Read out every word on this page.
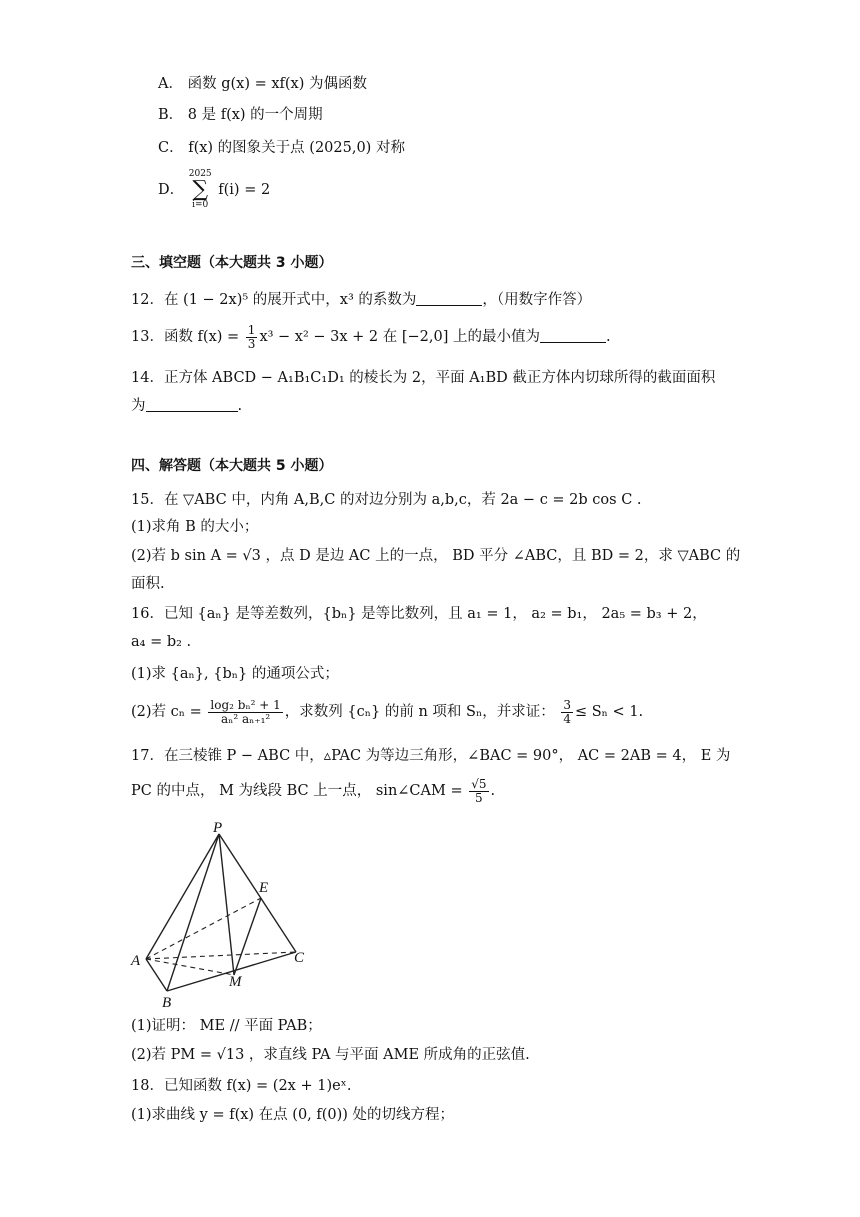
A． 函数 g(x) = xf(x) 为偶函数
B． 8 是 f(x) 的一个周期
C． f(x) 的图象关于点 (2025,0) 对称
D． 2025
∑
i=0 f(i) = 2
三、填空题（本大题共 3 小题）
12．在 (1 − 2x)⁵ 的展开式中，x³ 的系数为	，（用数字作答）
13．函数 $f(x) = \frac{1}{3} x^3 - x^2 - 3x + 2$ 在 [−2,0] 上的最小值为	.
14．正方体 ABCD − A₁B₁C₁D₁ 的棱长为 2，平面 A₁BD 截正方体内切球所得的截面面积
为	.
四、解答题（本大题共 5 小题）
15．在 ▽ABC 中，内角 A,B,C 的对边分别为 a,b,c，若 2a − c = 2b cos C .
(1)求角 B 的大小；
(2)若 b sin A = √3 ，点 D 是边 AC 上的一点， BD 平分 ∠ABC，且 BD = 2，求 ▽ABC 的
面积.
16．已知 {aₙ} 是等差数列，{bₙ} 是等比数列，且 a₁ = 1， a₂ = b₁， 2a₅ = b₃ + 2，
a₄ = b₂ .
(1)求 {aₙ}, {bₙ} 的通项公式；
(2)若 $c_n = \frac{\text{log₂ bₙ² + 1}}{\text{aₙ² aₙ₊₁²}}$ ，求数列 {cₙ} 的前 n 项和 Sₙ，并求证： $\frac{3}{4} \le S_n < 1$.
17．在三棱锥 P − ABC 中，▵PAC 为等边三角形，∠BAC = 90°， AC = 2AB = 4， E 为
PC 的中点， M 为线段 BC 上一点， sin∠CAM = $\frac{√5}{5}$ .
P
E
A	C
M
B
(1)证明： ME // 平面 PAB；
(2)若 PM = √13 ，求直线 PA 与平面 AME 所成角的正弦值.
18．已知函数 f(x) = (2x + 1)eˣ.
(1)求曲线 y = f(x) 在点 (0, f(0)) 处的切线方程；
